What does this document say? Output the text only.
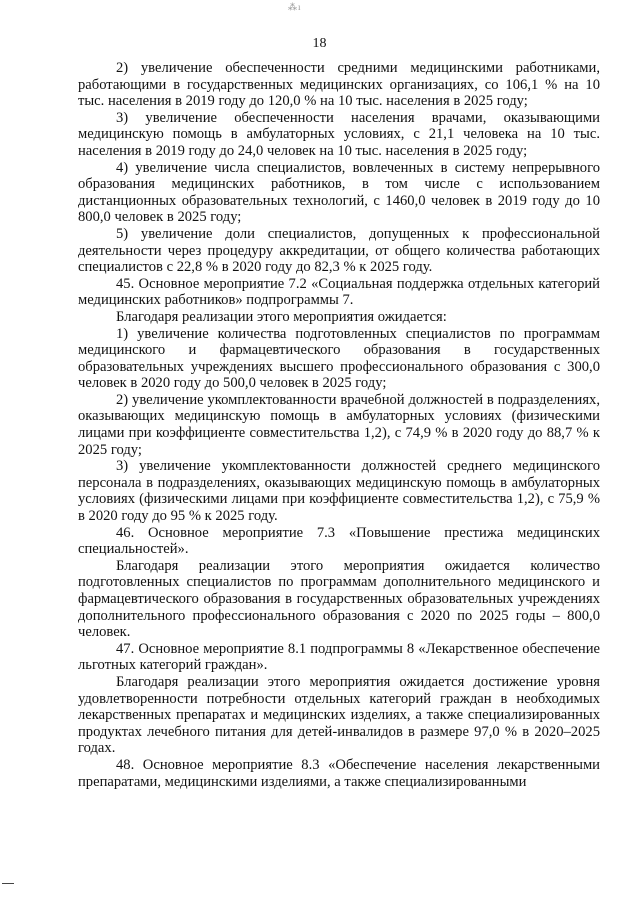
⁂ı
18

2) увеличение обеспеченности средними медицинскими работниками, работающими в государственных медицинских организациях, со 106,1 % на 10 тыс. населения в 2019 году до 120,0 % на 10 тыс. населения в 2025 году;

3) увеличение обеспеченности населения врачами, оказывающими медицинскую помощь в амбулаторных условиях, с 21,1 человека на 10 тыс. населения в 2019 году до 24,0 человек на 10 тыс. населения в 2025 году;

4) увеличение числа специалистов, вовлеченных в систему непрерывного образования медицинских работников, в том числе с использованием дистанционных образовательных технологий, с 1460,0 человек в 2019 году до 10 800,0 человек в 2025 году;

5) увеличение доли специалистов, допущенных к профессиональной деятельности через процедуру аккредитации, от общего количества работающих специалистов с 22,8 % в 2020 году до 82,3 % к 2025 году.

45. Основное мероприятие 7.2 «Социальная поддержка отдельных категорий медицинских работников» подпрограммы 7.

Благодаря реализации этого мероприятия ожидается:

1) увеличение количества подготовленных специалистов по программам медицинского и фармацевтического образования в государственных образовательных учреждениях высшего профессионального образования с 300,0 человек в 2020 году до 500,0 человек в 2025 году;

2) увеличение укомплектованности врачебной должностей в подразделениях, оказывающих медицинскую помощь в амбулаторных условиях (физическими лицами при коэффициенте совместительства 1,2), с 74,9 % в 2020 году до 88,7 % к 2025 году;

3) увеличение укомплектованности должностей среднего медицинского персонала в подразделениях, оказывающих медицинскую помощь в амбулаторных условиях (физическими лицами при коэффициенте совместительства 1,2), с 75,9 % в 2020 году до 95 % к 2025 году.

46. Основное мероприятие 7.3 «Повышение престижа медицинских специальностей».

Благодаря реализации этого мероприятия ожидается количество подготовленных специалистов по программам дополнительного медицинского и фармацевтического образования в государственных образовательных учреждениях дополнительного профессионального образования с 2020 по 2025 годы – 800,0 человек.

47. Основное мероприятие 8.1 подпрограммы 8 «Лекарственное обеспечение льготных категорий граждан».

Благодаря реализации этого мероприятия ожидается достижение уровня удовлетворенности потребности отдельных категорий граждан в необходимых лекарственных препаратах и медицинских изделиях, а также специализированных продуктах лечебного питания для детей-инвалидов в размере 97,0 % в 2020–2025 годах.

48. Основное мероприятие 8.3 «Обеспечение населения лекарственными препаратами, медицинскими изделиями, а также специализированными
